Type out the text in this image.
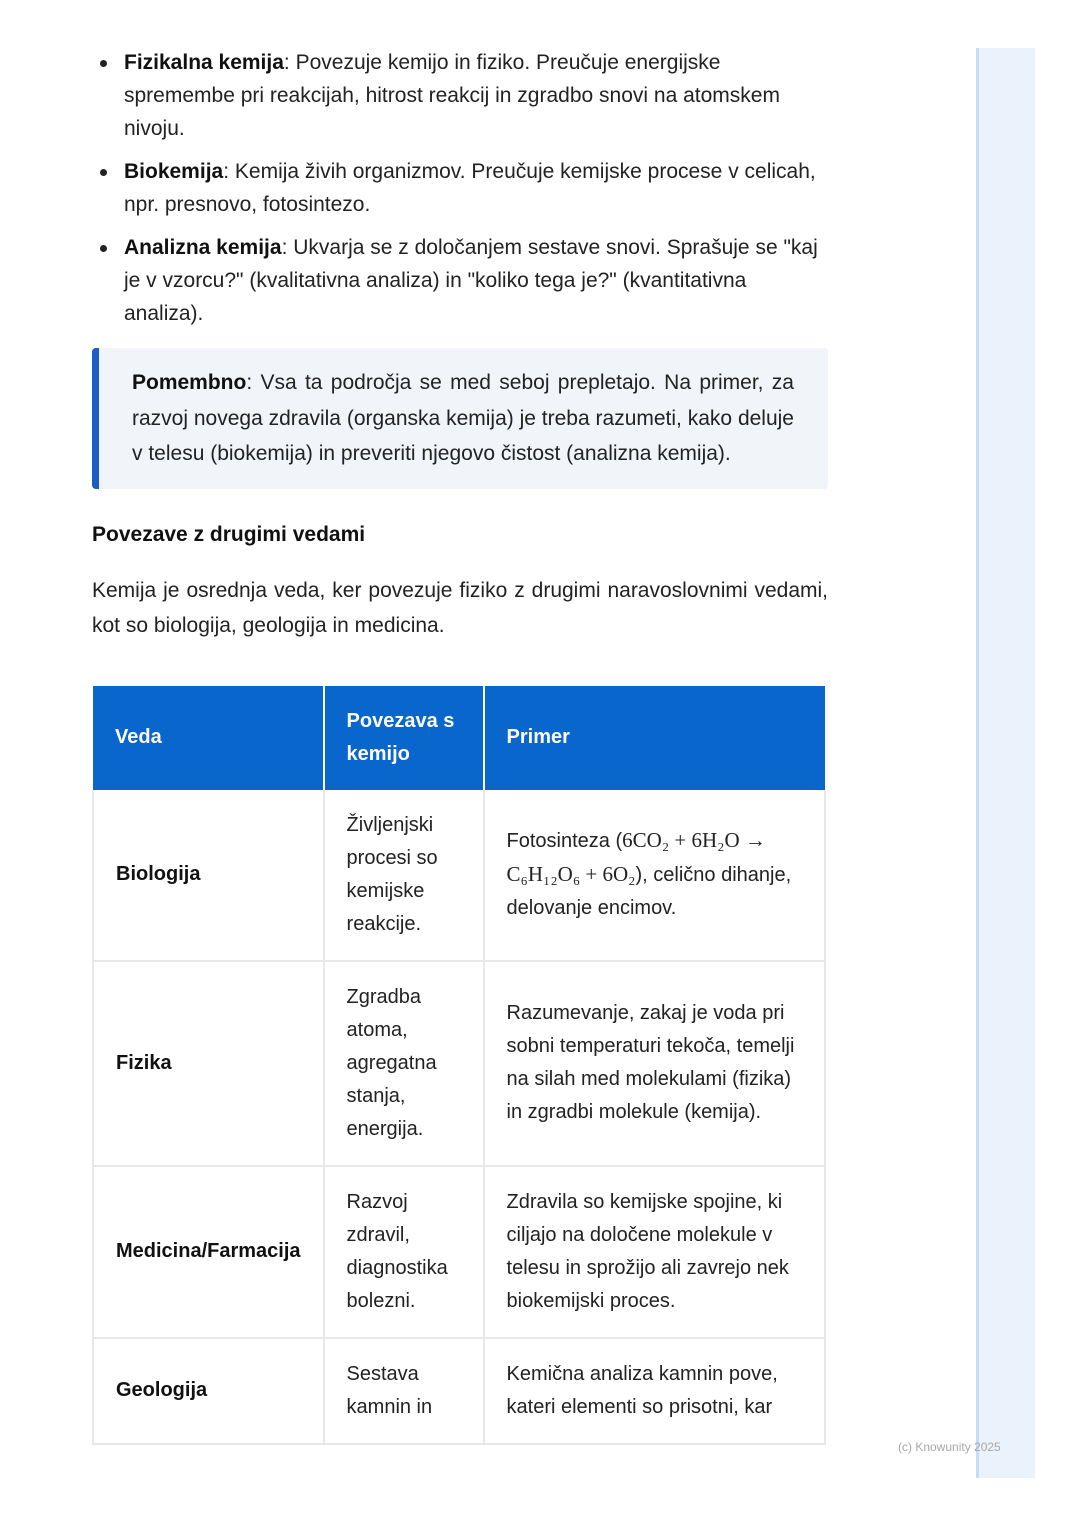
Fizikalna kemija: Povezuje kemijo in fiziko. Preučuje energijske spremembe pri reakcijah, hitrost reakcij in zgradbo snovi na atomskem nivoju.
Biokemija: Kemija živih organizmov. Preučuje kemijske procese v celicah, npr. presnovo, fotosintezo.
Analizna kemija: Ukvarja se z določanjem sestave snovi. Sprašuje se "kaj je v vzorcu?" (kvalitativna analiza) in "koliko tega je?" (kvantitativna analiza).
Pomembno: Vsa ta področja se med seboj prepletajo. Na primer, za razvoj novega zdravila (organska kemija) je treba razumeti, kako deluje v telesu (biokemija) in preveriti njegovo čistost (analizna kemija).
Povezave z drugimi vedami

Kemija je osrednja veda, ker povezuje fiziko z drugimi naravoslovnimi vedami, kot so biologija, geologija in medicina.

Veda	Povezava s kemijo	Primer
Biologija	Življenjski procesi so kemijske reakcije.	Fotosinteza (6CO₂ + 6H₂O → C₆H₁₂O₆ + 6O₂), celično dihanje, delovanje encimov.
Fizika	Zgradba atoma, agregatna stanja, energija.	Razumevanje, zakaj je voda pri sobni temperaturi tekoča, temelji na silah med molekulami (fizika) in zgradbi molekule (kemija).
Medicina/Farmacija	Razvoj zdravil, diagnostika bolezni.	Zdravila so kemijske spojine, ki ciljajo na določene molekule v telesu in sprožijo ali zavrejo nek biokemijski proces.
Geologija	Sestava kamnin in	Kemična analiza kamnin pove, kateri elementi so prisotni, kar
(c) Knowunity 2025
